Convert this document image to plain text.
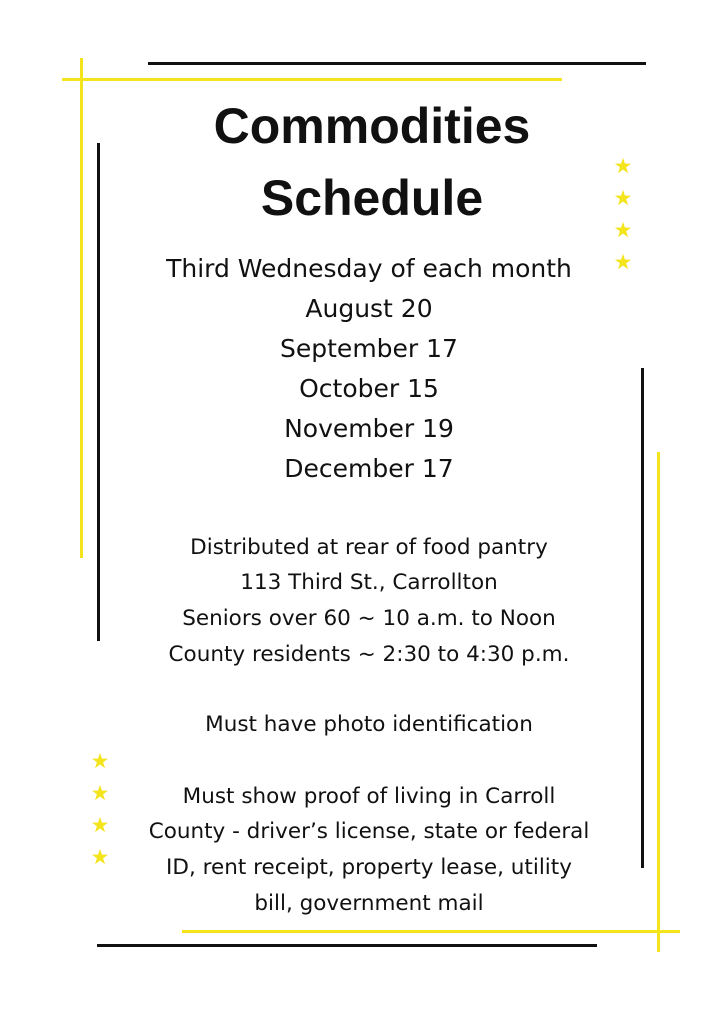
★
★
★
★
★
★
★
★
Commodities
Schedule
Third Wednesday of each month
August 20
September 17
October 15
November 19
December 17
Distributed at rear of food pantry
113 Third St., Carrollton
Seniors over 60 ~ 10 a.m. to Noon
County residents ~ 2:30 to 4:30 p.m.
Must have photo identification
Must show proof of living in Carroll
County - driver’s license, state or federal
ID, rent receipt, property lease, utility
bill, government mail
